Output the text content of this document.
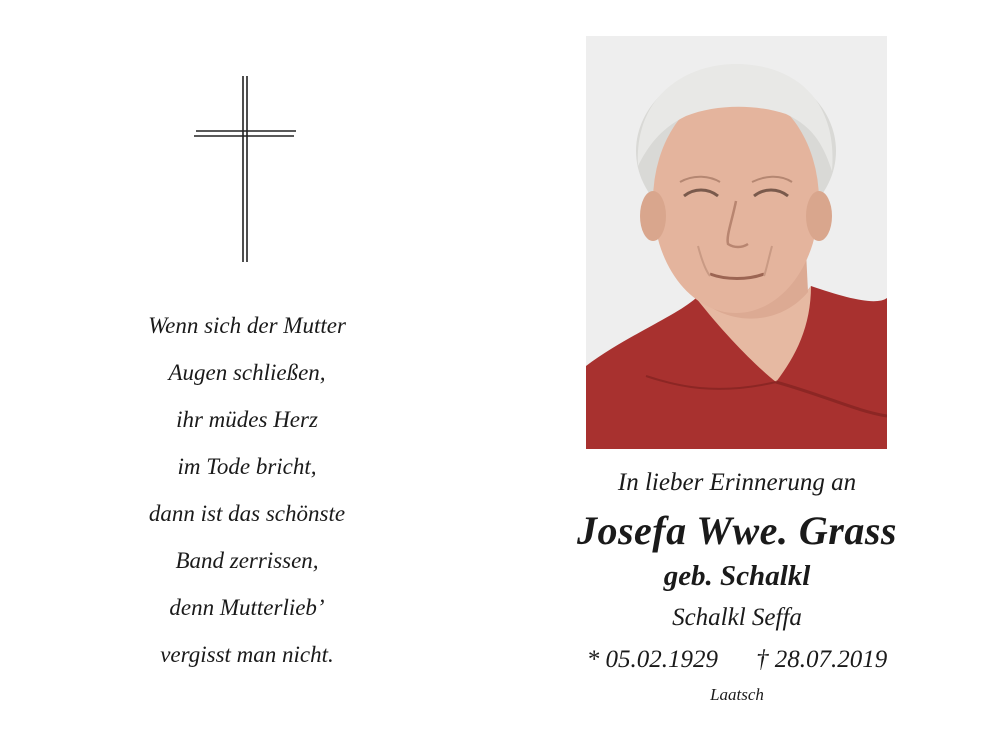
Wenn sich der Mutter
Augen schließen,
ihr müdes Herz
im Tode bricht,
dann ist das schönste
Band zerrissen,
denn Mutterlieb’
vergisst man nicht.
In lieber Erinnerung an
Josefa Wwe. Grass
geb. Schalkl
Schalkl Seffa
* 05.02.1929 † 28.07.2019
Laatsch
